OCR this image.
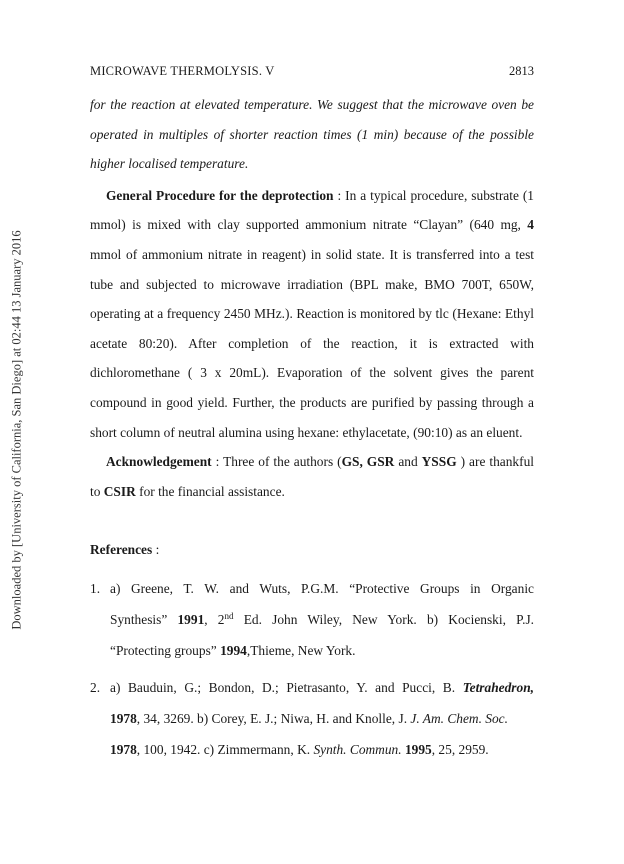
Downloaded by [University of California, San Diego] at 02:44 13 January 2016
MICROWAVE THERMOLYSIS. V	2813

for the reaction at elevated temperature. We suggest that the microwave oven be operated in multiples of shorter reaction times (1 min) because of the possible higher localised temperature.

General Procedure for the deprotection : In a typical procedure, substrate (1 mmol) is mixed with clay supported ammonium nitrate “Clayan” (640 mg, 4 mmol of ammonium nitrate in reagent) in solid state. It is transferred into a test tube and subjected to microwave irradiation (BPL make, BMO 700T, 650W, operating at a frequency 2450 MHz.). Reaction is monitored by tlc (Hexane: Ethyl acetate 80:20). After completion of the reaction, it is extracted with dichloromethane ( 3 x 20mL). Evaporation of the solvent gives the parent compound in good yield. Further, the products are purified by passing through a short column of neutral alumina using hexane: ethylacetate, (90:10) as an eluent.

Acknowledgement : Three of the authors (GS, GSR and YSSG ) are thankful to CSIR for the financial assistance.

References :
1. a) Greene, T. W. and Wuts, P.G.M. “Protective Groups in Organic
Synthesis” 1991, 2nd Ed. John Wiley, New York. b) Kocienski, P.J.
“Protecting groups” 1994,Thieme, New York.
2. a) Bauduin, G.; Bondon, D.; Pietrasanto, Y. and Pucci, B. Tetrahedron,
1978, 34, 3269. b) Corey, E. J.; Niwa, H. and Knolle, J. J. Am. Chem. Soc.
1978, 100, 1942. c) Zimmermann, K. Synth. Commun. 1995, 25, 2959.
